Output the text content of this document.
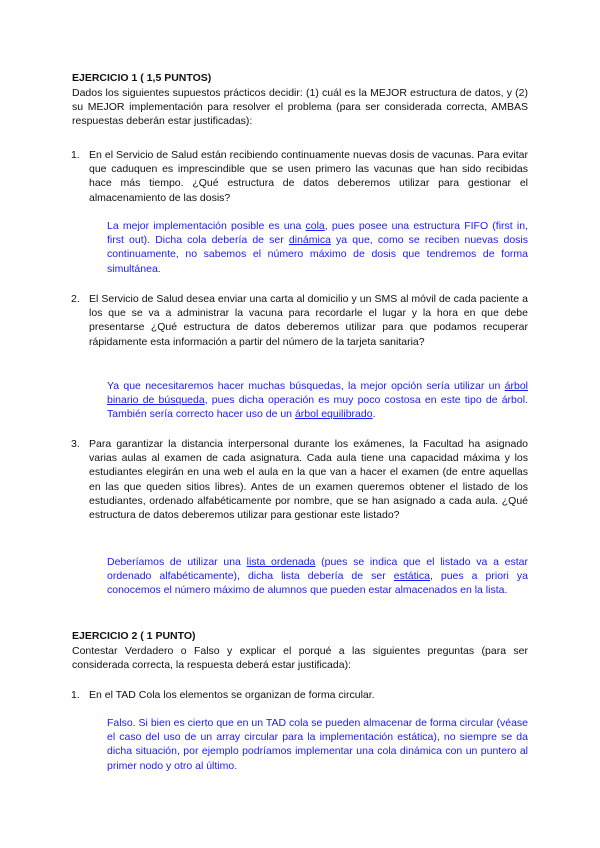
EJERCICIO 1 ( 1,5 PUNTOS)
Dados los siguientes supuestos prácticos decidir: (1) cuál es la MEJOR estructura de datos, y (2) su MEJOR implementación para resolver el problema (para ser considerada correcta, AMBAS respuestas deberán estar justificadas):
1. En el Servicio de Salud están recibiendo continuamente nuevas dosis de vacunas. Para evitar que caduquen es imprescindible que se usen primero las vacunas que han sido recibidas hace más tiempo. ¿Qué estructura de datos deberemos utilizar para gestionar el almacenamiento de las dosis?
La mejor implementación posible es una cola, pues posee una estructura FIFO (first in, first out). Dicha cola debería de ser dinámica ya que, como se reciben nuevas dosis continuamente, no sabemos el número máximo de dosis que tendremos de forma simultánea.
2. El Servicio de Salud desea enviar una carta al domicilio y un SMS al móvil de cada paciente a los que se va a administrar la vacuna para recordarle el lugar y la hora en que debe presentarse ¿Qué estructura de datos deberemos utilizar para que podamos recuperar rápidamente esta información a partir del número de la tarjeta sanitaria?
Ya que necesitaremos hacer muchas búsquedas, la mejor opción sería utilizar un árbol binario de búsqueda, pues dicha operación es muy poco costosa en este tipo de árbol. También sería correcto hacer uso de un árbol equilibrado.
3. Para garantizar la distancia interpersonal durante los exámenes, la Facultad ha asignado varias aulas al examen de cada asignatura. Cada aula tiene una capacidad máxima y los estudiantes elegirán en una web el aula en la que van a hacer el examen (de entre aquellas en las que queden sitios libres). Antes de un examen queremos obtener el listado de los estudiantes, ordenado alfabéticamente por nombre, que se han asignado a cada aula. ¿Qué estructura de datos deberemos utilizar para gestionar este listado?
Deberíamos de utilizar una lista ordenada (pues se indica que el listado va a estar ordenado alfabéticamente), dicha lista debería de ser estática, pues a priori ya conocemos el número máximo de alumnos que pueden estar almacenados en la lista.
EJERCICIO 2 ( 1 PUNTO)
Contestar Verdadero o Falso y explicar el porqué a las siguientes preguntas (para ser considerada correcta, la respuesta deberá estar justificada):
1. En el TAD Cola los elementos se organizan de forma circular.
Falso. Si bien es cierto que en un TAD cola se pueden almacenar de forma circular (véase el caso del uso de un array circular para la implementación estática), no siempre se da dicha situación, por ejemplo podríamos implementar una cola dinámica con un puntero al primer nodo y otro al último.
